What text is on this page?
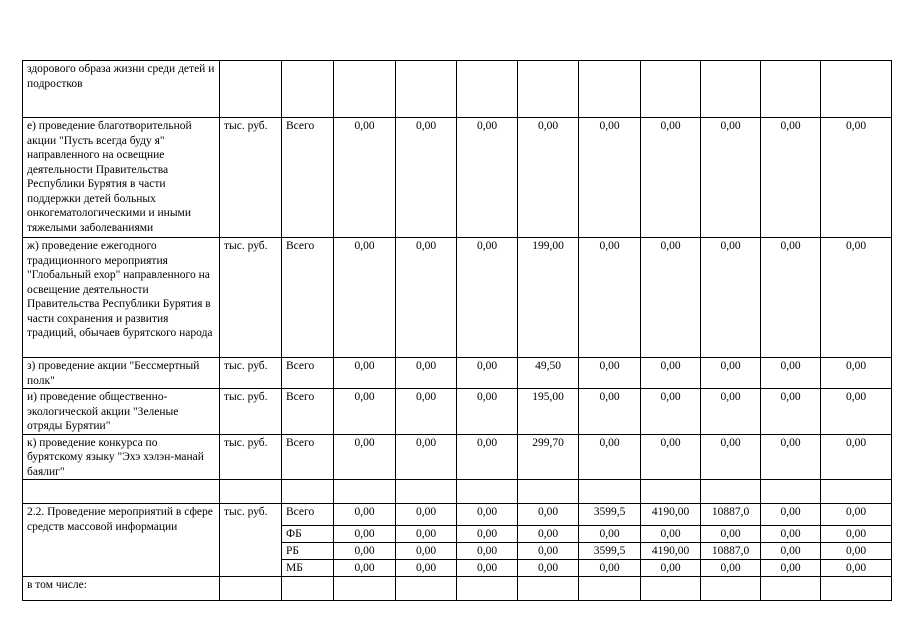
здорового образа жизни среди детей и подростков											
е) проведение благотворительной акции "Пусть всегда буду я" направленного на освещние деятельности Правительства Республики Бурятия в части поддержки детей больных онкогематологическими и иными тяжелыми заболеваниями	тыс. руб.	Всего	0,00	0,00	0,00	0,00	0,00	0,00	0,00	0,00	0,00
ж) проведение ежегодного традиционного мероприятия "Глобальный ехор" направленного на освещение деятельности Правительства Республики Бурятия в части сохранения и развития традиций, обычаев бурятского народа	тыс. руб.	Всего	0,00	0,00	0,00	199,00	0,00	0,00	0,00	0,00	0,00
з) проведение акции "Бессмертный полк"	тыс. руб.	Всего	0,00	0,00	0,00	49,50	0,00	0,00	0,00	0,00	0,00
и) проведение общественно-экологической акции "Зеленые отряды Бурятии"	тыс. руб.	Всего	0,00	0,00	0,00	195,00	0,00	0,00	0,00	0,00	0,00
к) проведение конкурса по бурятскому языку "Эхэ хэлэн-манай баялиг"	тыс. руб.	Всего	0,00	0,00	0,00	299,70	0,00	0,00	0,00	0,00	0,00

2.2. Проведение мероприятий в сфере средств массовой информации	тыс. руб.	Всего	0,00	0,00	0,00	0,00	3599,5	4190,00	10887,0	0,00	0,00
		ФБ	0,00	0,00	0,00	0,00	0,00	0,00	0,00	0,00	0,00
		РБ	0,00	0,00	0,00	0,00	3599,5	4190,00	10887,0	0,00	0,00
		МБ	0,00	0,00	0,00	0,00	0,00	0,00	0,00	0,00	0,00
в том числе:											
